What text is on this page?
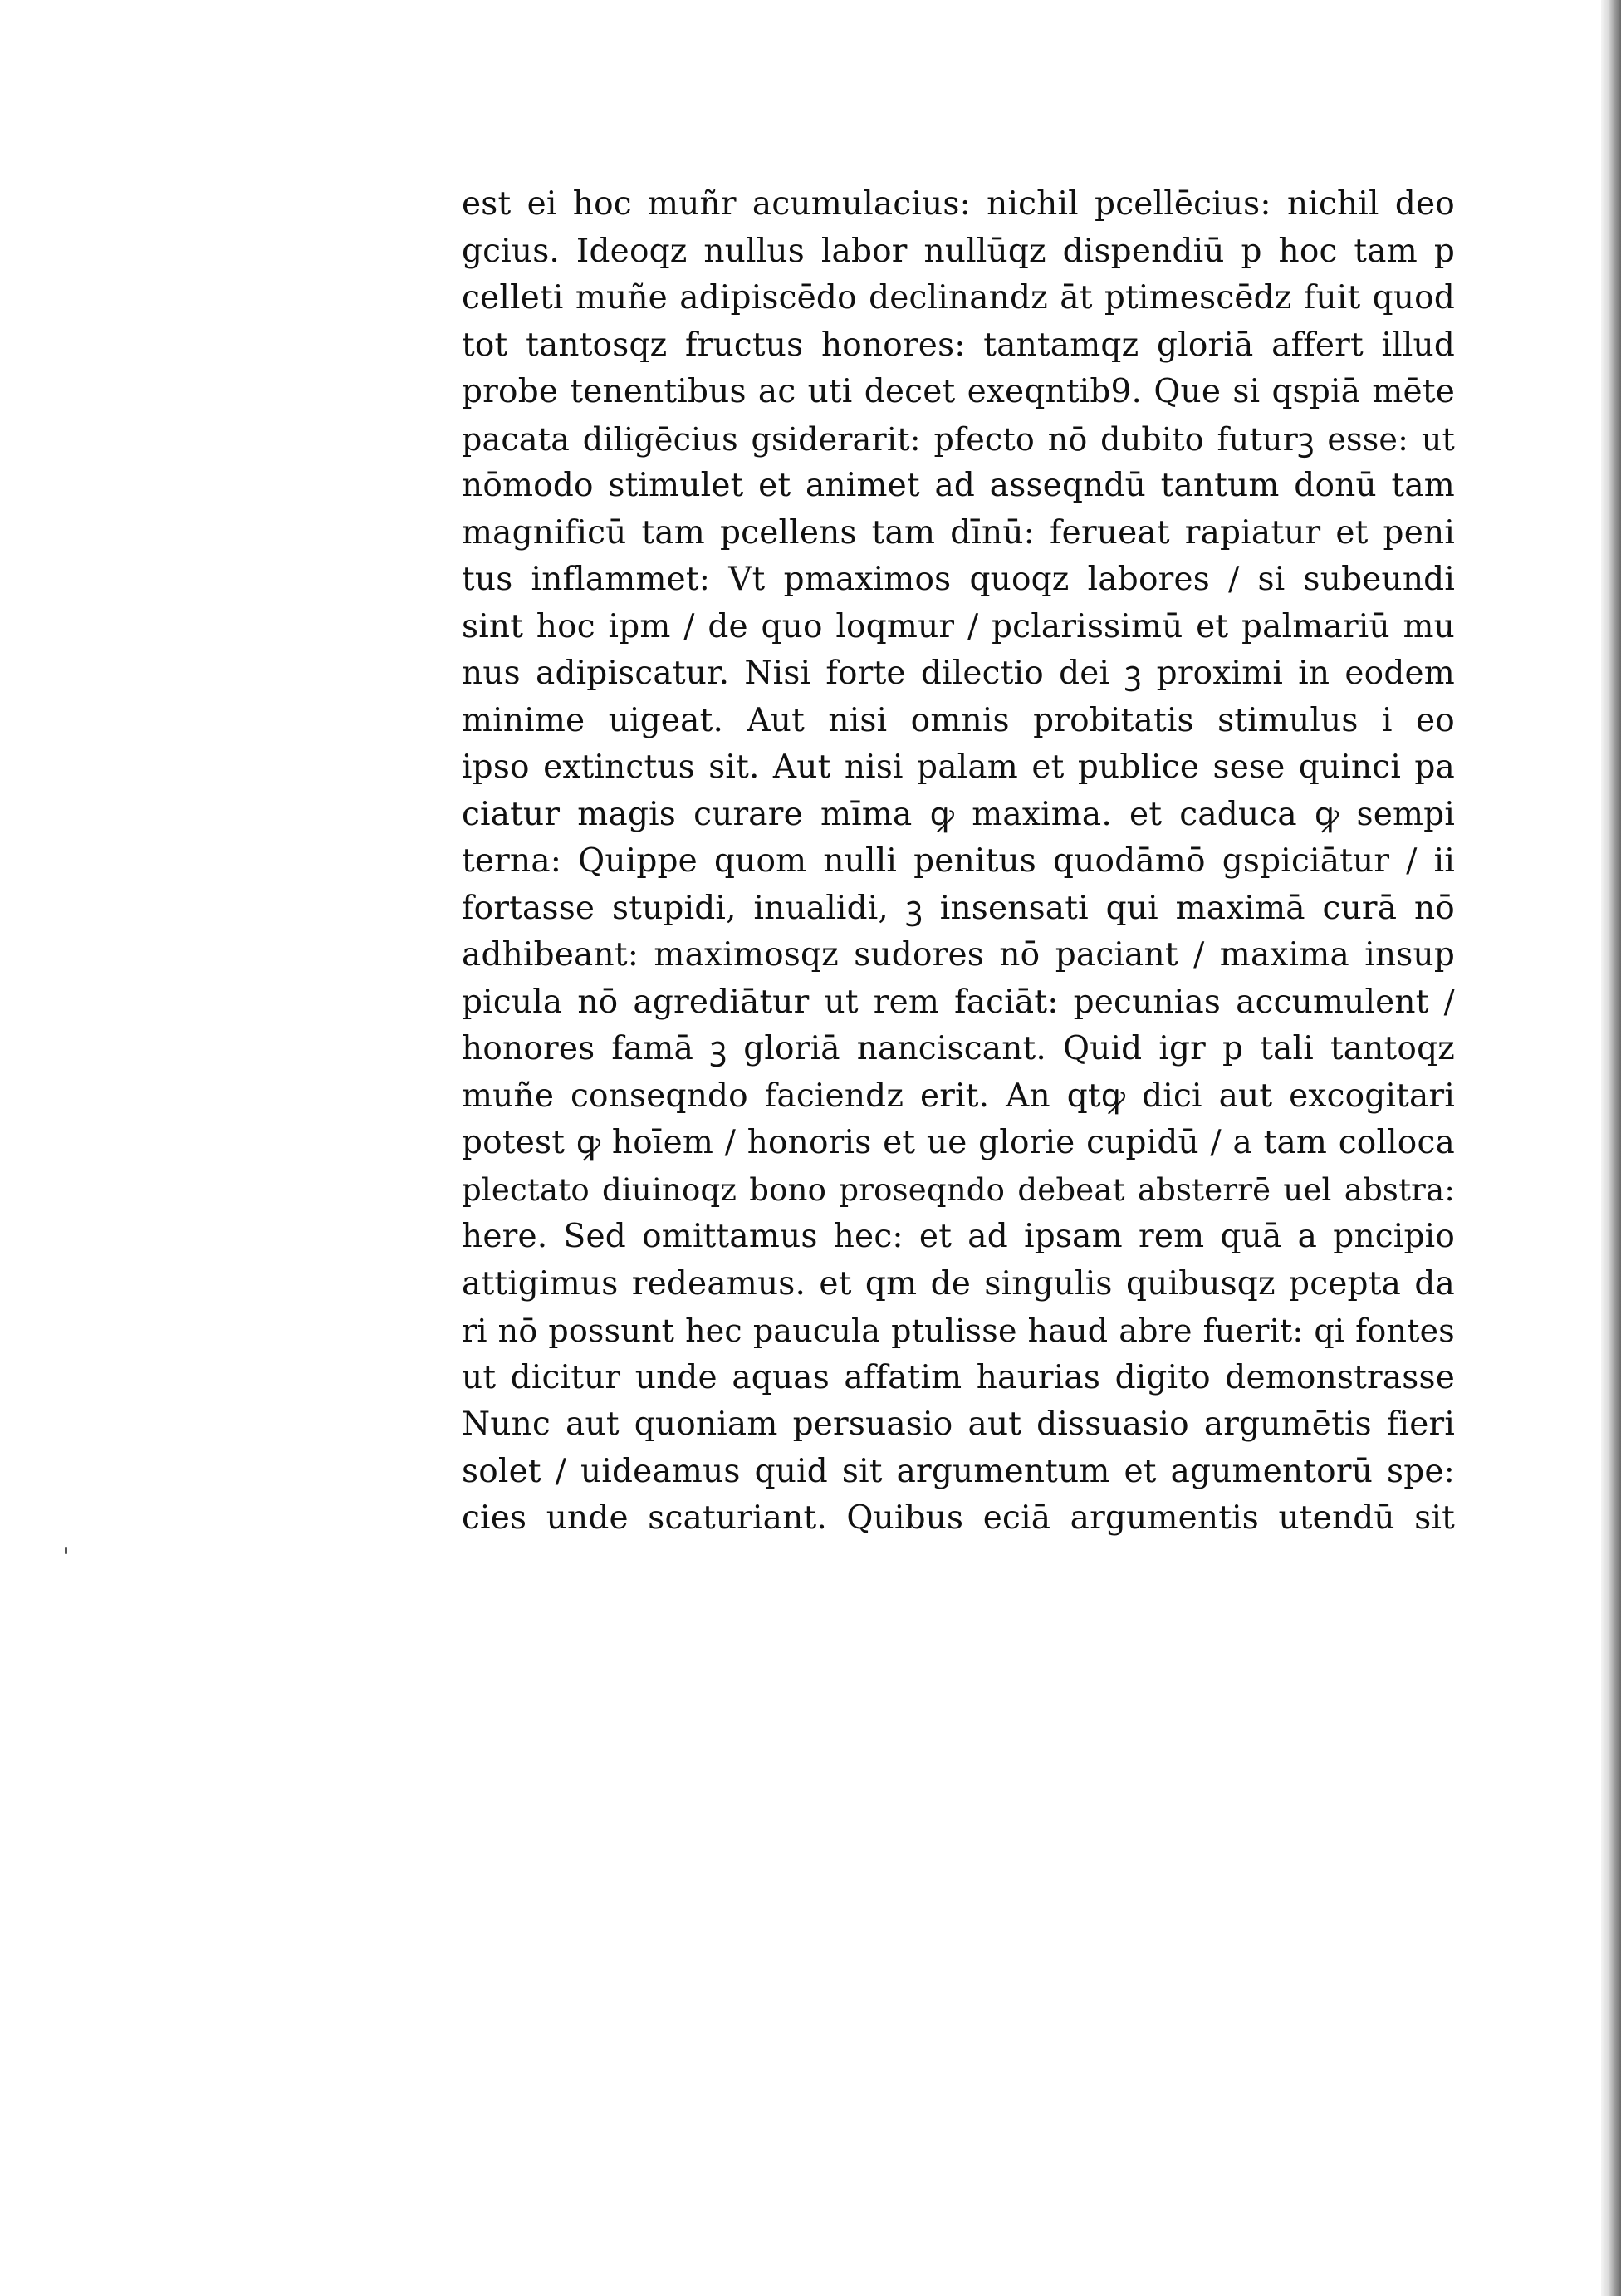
est ei hoc muñr acumulacius: nichil pcellēcius: nichil deo
gcius. Ideoqz nullus labor nullūqz dispendiū p hoc tam p
celleti muñe adipiscēdo declinandz āt ptimescēdz fuit quod
tot tantosqz fructus honores: tantamqz gloriā affert illud
probe tenentibus ac uti decet exeqntib9. Que si qspiā mēte
pacata diligēcius gsiderarit: pfecto nō dubito futurꝫ esse: ut
nōmodo stimulet et animet ad asseqndū tantum donū tam
magnificū tam pcellens tam dīnū: ferueat rapiatur et peni
tus inflammet: Vt pmaximos quoqz labores / si subeundi
sint hoc ipm / de quo loqmur / pclarissimū et palmariū mu
nus adipiscatur. Nisi forte dilectio dei ꝫ proximi in eodem
minime uigeat. Aut nisi omnis probitatis stimulus i eo
ipso extinctus sit. Aut nisi palam et publice sese quinci pa
ciatur magis curare mīma ꝙ maxima. et caduca ꝙ sempi
terna: Quippe quom nulli penitus quodāmō gspiciātur / ii
fortasse stupidi, inualidi, ꝫ insensati qui maximā curā nō
adhibeant: maximosqz sudores nō paciant / maxima insup
picula nō agrediātur ut rem faciāt: pecunias accumulent /
honores famā ꝫ gloriā nanciscant. Quid igr p tali tantoqz
muñe conseqndo faciendz erit. An qtꝙ dici aut excogitari
potest ꝙ hoīem / honoris et ue glorie cupidū / a tam colloca
plectato diuinoqz bono proseqndo debeat absterrē uel abstra:
here. Sed omittamus hec: et ad ipsam rem quā a pncipio
attigimus redeamus. et qm de singulis quibusqz pcepta da
ri nō possunt hec paucula ptulisse haud abre fuerit: qi fontes
ut dicitur unde aquas affatim haurias digito demonstrasse
Nunc aut quoniam persuasio aut dissuasio argumētis fieri
solet / uideamus quid sit argumentum et agumentorū spe:
cies unde scaturiant. Quibus eciā argumentis utendū sit
